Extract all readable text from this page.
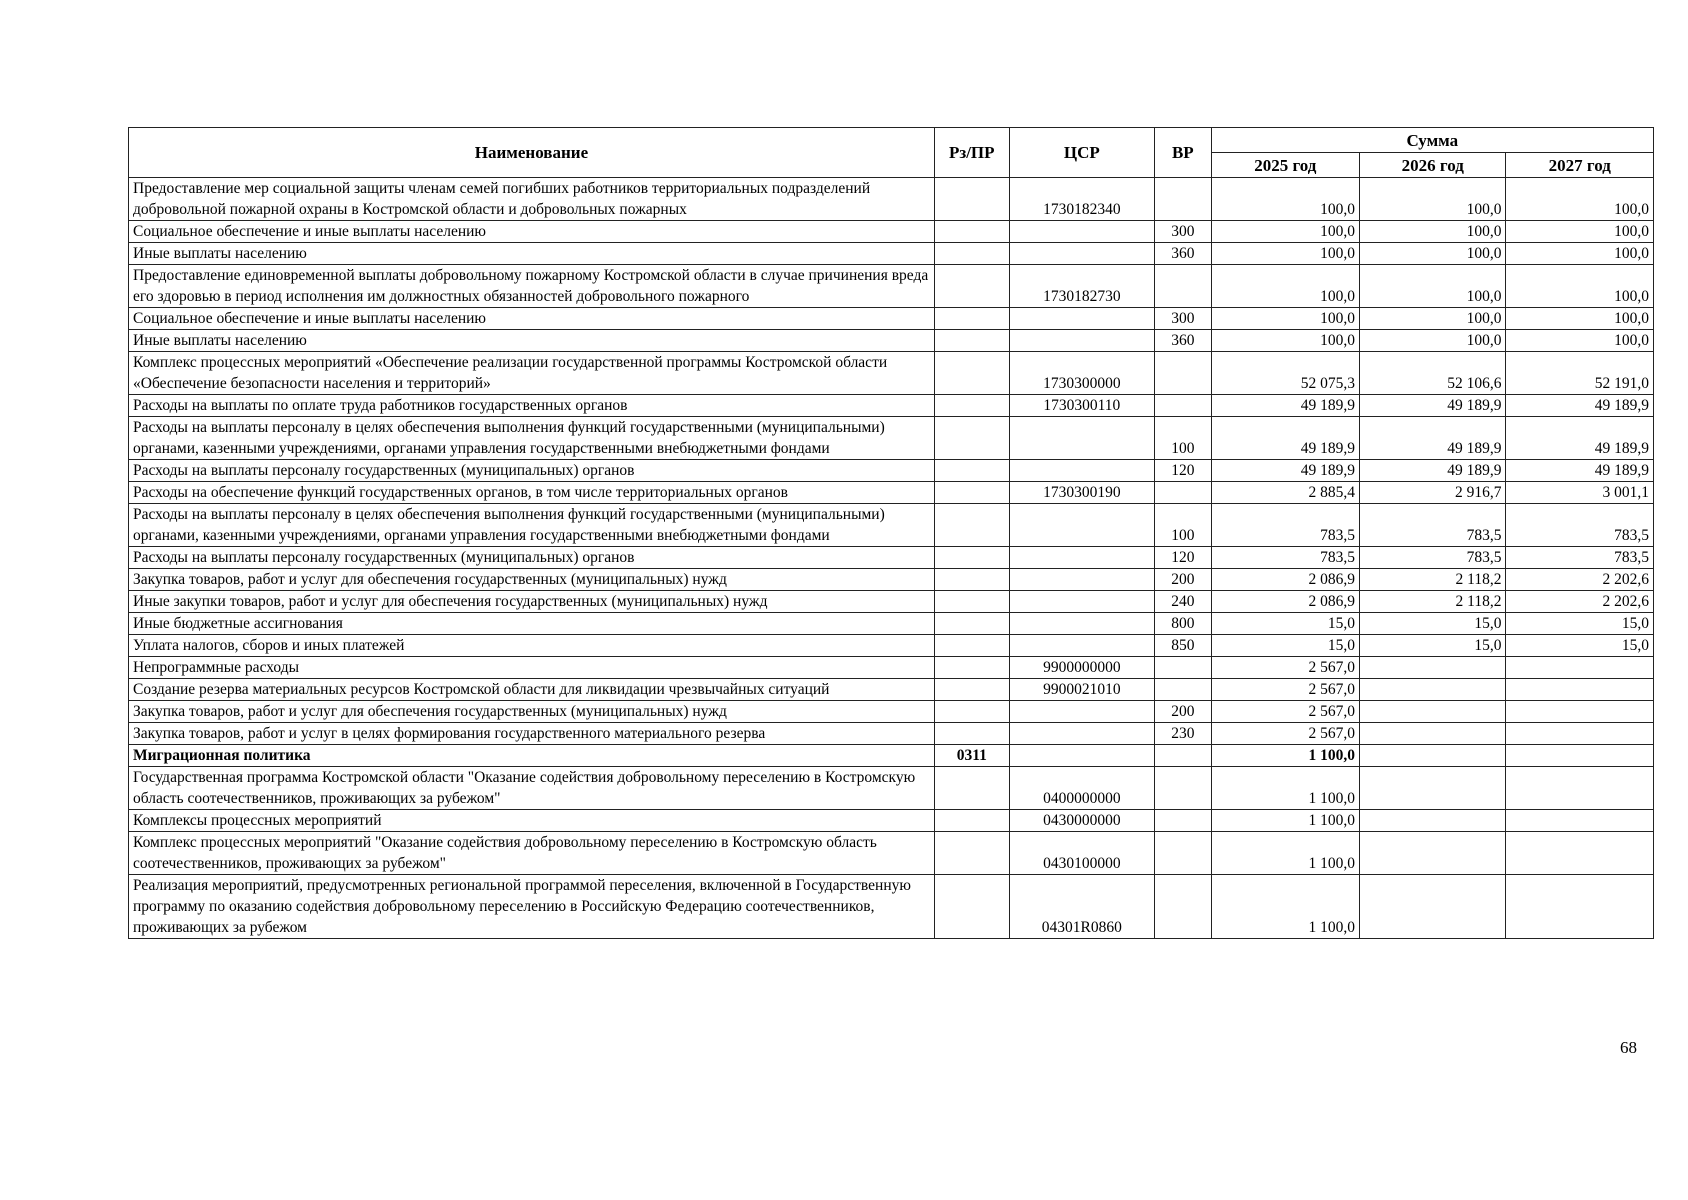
Наименование	Рз/ПР	ЦСР	ВР	Сумма		
				2025 год	2026 год	2027 год
Предоставление мер социальной защиты членам семей погибших работников территориальных подразделений добровольной пожарной охраны в Костромской области и добровольных пожарных		1730182340		100,0	100,0	100,0
Социальное обеспечение и иные выплаты населению			300	100,0	100,0	100,0
Иные выплаты населению			360	100,0	100,0	100,0
Предоставление единовременной выплаты добровольному пожарному Костромской области в случае причинения вреда его здоровью в период исполнения им должностных обязанностей добровольного пожарного		1730182730		100,0	100,0	100,0
Социальное обеспечение и иные выплаты населению			300	100,0	100,0	100,0
Иные выплаты населению			360	100,0	100,0	100,0
Комплекс процессных мероприятий «Обеспечение реализации государственной программы Костромской области «Обеспечение безопасности населения и территорий»		1730300000		52 075,3	52 106,6	52 191,0
Расходы на выплаты по оплате труда работников государственных органов		1730300110		49 189,9	49 189,9	49 189,9
Расходы на выплаты персоналу в целях обеспечения выполнения функций государственными (муниципальными) органами, казенными учреждениями, органами управления государственными внебюджетными фондами			100	49 189,9	49 189,9	49 189,9
Расходы на выплаты персоналу государственных (муниципальных) органов			120	49 189,9	49 189,9	49 189,9
Расходы на обеспечение функций государственных органов, в том числе территориальных органов		1730300190		2 885,4	2 916,7	3 001,1
Расходы на выплаты персоналу в целях обеспечения выполнения функций государственными (муниципальными) органами, казенными учреждениями, органами управления государственными внебюджетными фондами			100	783,5	783,5	783,5
Расходы на выплаты персоналу государственных (муниципальных) органов			120	783,5	783,5	783,5
Закупка товаров, работ и услуг для обеспечения государственных (муниципальных) нужд			200	2 086,9	2 118,2	2 202,6
Иные закупки товаров, работ и услуг для обеспечения государственных (муниципальных) нужд			240	2 086,9	2 118,2	2 202,6
Иные бюджетные ассигнования			800	15,0	15,0	15,0
Уплата налогов, сборов и иных платежей			850	15,0	15,0	15,0
Непрограммные расходы		9900000000		2 567,0		
Создание резерва материальных ресурсов Костромской области для ликвидации чрезвычайных ситуаций		9900021010		2 567,0		
Закупка товаров, работ и услуг для обеспечения государственных (муниципальных) нужд			200	2 567,0		
Закупка товаров, работ и услуг в целях формирования государственного материального резерва			230	2 567,0		
Миграционная политика	0311			1 100,0		
Государственная программа Костромской области "Оказание содействия добровольному переселению в Костромскую область соотечественников, проживающих за рубежом"		0400000000		1 100,0		
Комплексы процессных мероприятий		0430000000		1 100,0		
Комплекс процессных мероприятий "Оказание содействия добровольному переселению в Костромскую область соотечественников, проживающих за рубежом"		0430100000		1 100,0		
Реализация мероприятий, предусмотренных региональной программой переселения, включенной в Государственную программу по оказанию содействия добровольному переселению в Российскую Федерацию соотечественников, проживающих за рубежом		04301R0860		1 100,0		
68
